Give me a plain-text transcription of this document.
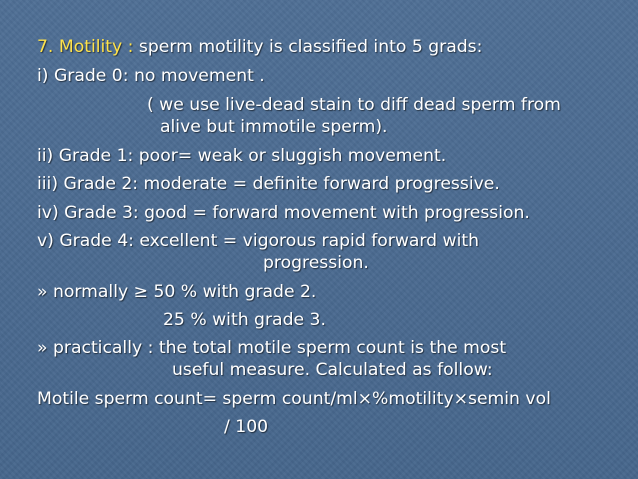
7. Motility : sperm motility is classified into 5 grads:
i) Grade 0: no movement .
( we use live-dead stain to diff dead sperm from
alive but immotile sperm).
ii) Grade 1: poor= weak or sluggish movement.
iii) Grade 2: moderate = definite forward progressive.
iv) Grade 3: good = forward movement with progression.
v) Grade 4: excellent = vigorous rapid forward with
progression.
» normally ≥ 50 % with grade 2.
25 % with grade 3.
» practically : the total motile sperm count is the most
useful measure. Calculated as follow:
Motile sperm count= sperm count/ml×%motility×semin vol
/ 100
